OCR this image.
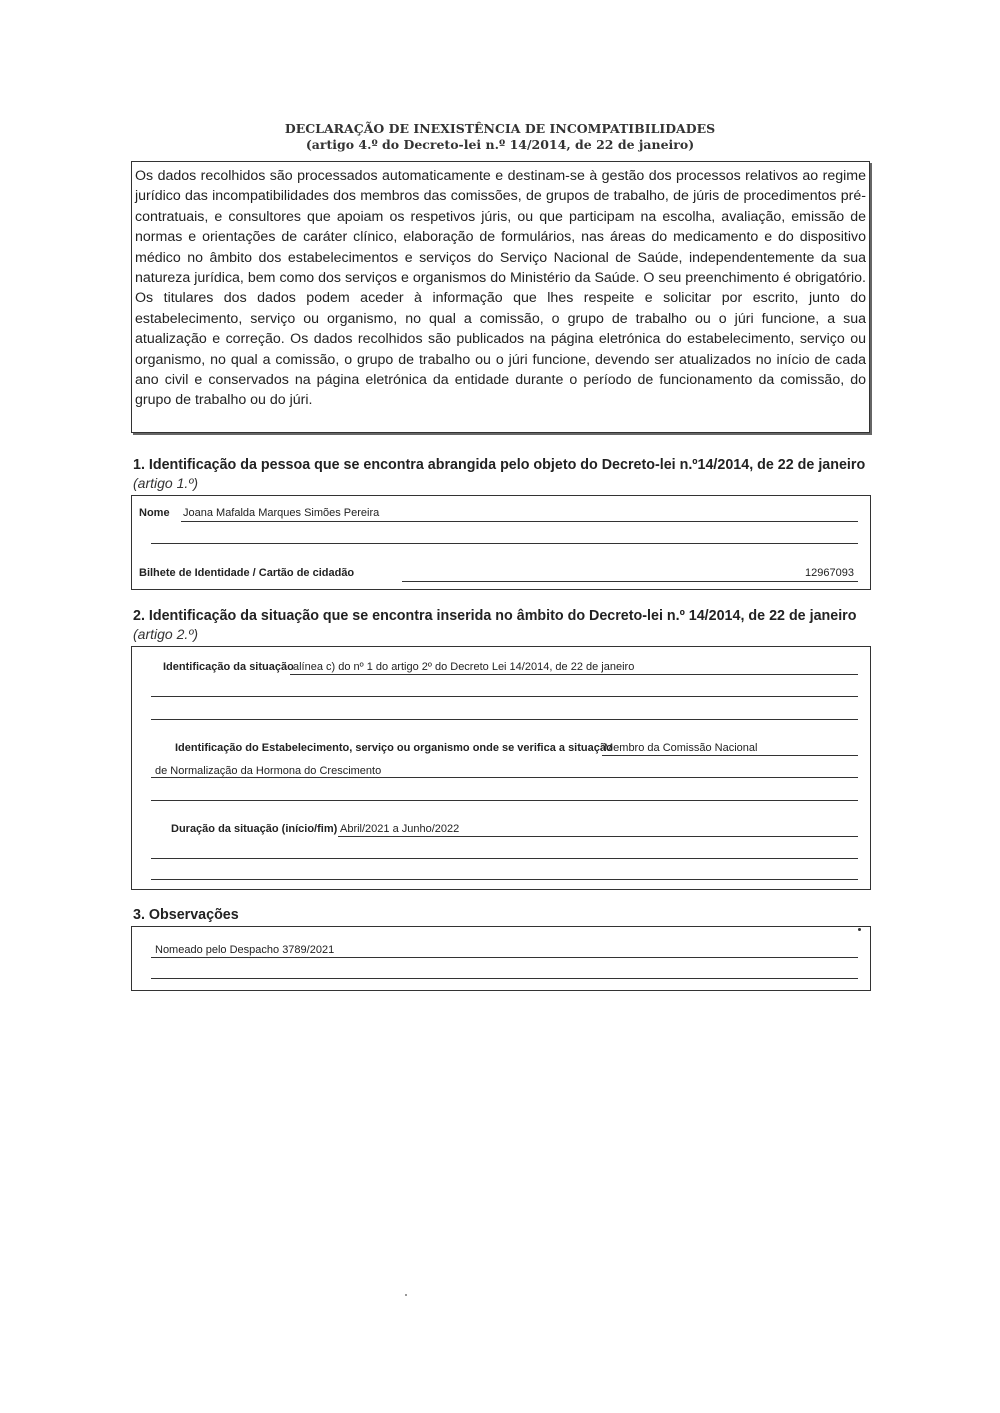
DECLARAÇÃO DE INEXISTÊNCIA DE INCOMPATIBILIDADES
(artigo 4.º do Decreto-lei n.º 14/2014, de 22 de janeiro)
Os dados recolhidos são processados automaticamente e destinam-se à gestão dos processos relativos ao regime jurídico das incompatibilidades dos membros das comissões, de grupos de trabalho, de júris de procedimentos pré-contratuais, e consultores que apoiam os respetivos júris, ou que participam na escolha, avaliação, emissão de normas e orientações de caráter clínico, elaboração de formulários, nas áreas do medicamento e do dispositivo médico no âmbito dos estabelecimentos e serviços do Serviço Nacional de Saúde, independentemente da sua natureza jurídica, bem como dos serviços e organismos do Ministério da Saúde. O seu preenchimento é obrigatório. Os titulares dos dados podem aceder à informação que lhes respeite e solicitar por escrito, junto do estabelecimento, serviço ou organismo, no qual a comissão, o grupo de trabalho ou o júri funcione, a sua atualização e correção. Os dados recolhidos são publicados na página eletrónica do estabelecimento, serviço ou organismo, no qual a comissão, o grupo de trabalho ou o júri funcione, devendo ser atualizados no início de cada ano civil e conservados na página eletrónica da entidade durante o período de funcionamento da comissão, do grupo de trabalho ou do júri.
1. Identificação da pessoa que se encontra abrangida pelo objeto do Decreto-lei n.º14/2014, de 22 de janeiro
(artigo 1.º)
Nome Joana Mafalda Marques Simões Pereira
Bilhete de Identidade / Cartão de cidadão	12967093
2. Identificação da situação que se encontra inserida no âmbito do Decreto-lei n.º 14/2014, de 22 de janeiro
(artigo 2.º)
Identificação da situação alínea c) do nº 1 do artigo 2º do Decreto Lei 14/2014, de 22 de janeiro
Identificação do Estabelecimento, serviço ou organismo onde se verifica a situação
Membro da Comissão Nacional
de Normalização da Hormona do Crescimento
Duração da situação (início/fim) Abril/2021 a Junho/2022
3. Observações
Nomeado pelo Despacho 3789/2021
